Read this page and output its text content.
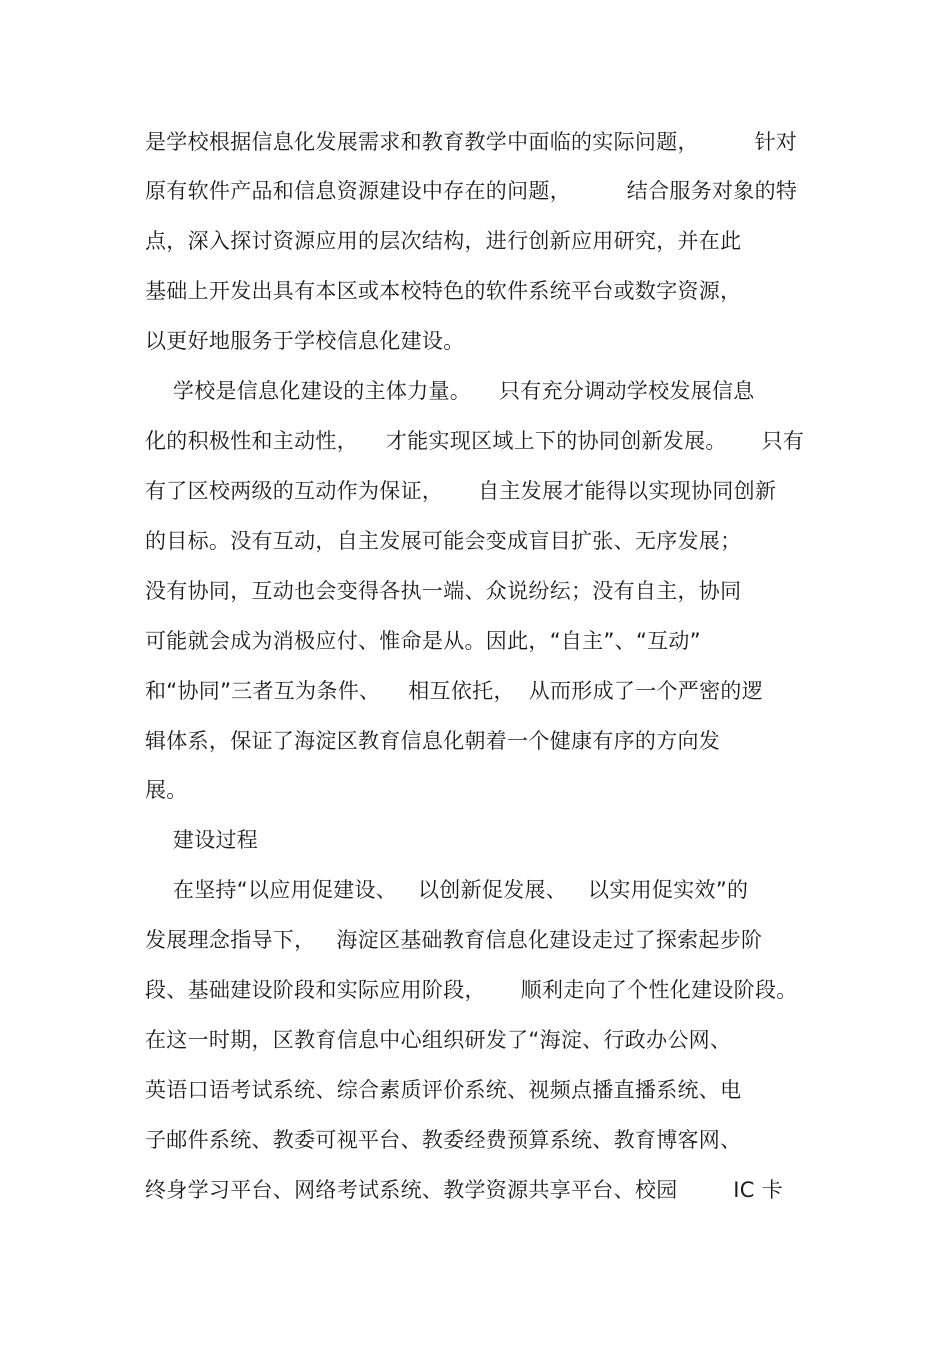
是学校根据信息化发展需求和教育教学中面临的实际问题，        针对
原有软件产品和信息资源建设中存在的问题，        结合服务对象的特
点，深入探讨资源应用的层次结构，进行创新应用研究，并在此
基础上开发出具有本区或本校特色的软件系统平台或数字资源，
以更好地服务于学校信息化建设。
学校是信息化建设的主体力量。    只有充分调动学校发展信息
化的积极性和主动性，    才能实现区域上下的协同创新发展。     只有
有了区校两级的互动作为保证，     自主发展才能得以实现协同创新
的目标。没有互动，自主发展可能会变成盲目扩张、无序发展；
没有协同，互动也会变得各执一端、众说纷纭；没有自主，协同
可能就会成为消极应付、惟命是从。因此，“自主”、“互动”
和“协同”三者互为条件、    相互依托，  从而形成了一个严密的逻
辑体系，保证了海淀区教育信息化朝着一个健康有序的方向发
展。
建设过程
在坚持“以应用促建设、   以创新促发展、   以实用促实效”的
发展理念指导下，   海淀区基础教育信息化建设走过了探索起步阶
段、基础建设阶段和实际应用阶段，     顺利走向了个性化建设阶段。
在这一时期，区教育信息中心组织研发了“海淀、行政办公网、
英语口语考试系统、综合素质评价系统、视频点播直播系统、电
子邮件系统、教委可视平台、教委经费预算系统、教育博客网、
终身学习平台、网络考试系统、教学资源共享平台、校园        IC 卡
